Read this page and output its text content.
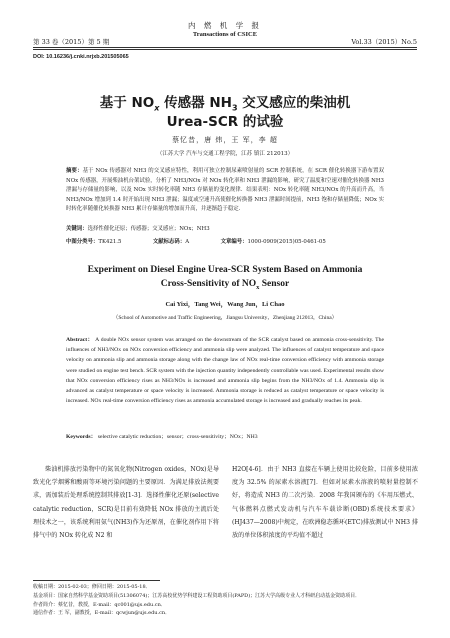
第 33 卷（2015）第 5 期
内 燃 机 学 报
Transactions of CSICE
Vol.33（2015）No.5
DOI: 10.16236/j.cnki.nrjxb.201505065
基于 $NO_x$ 传感器 $NH_3$ 交叉感应的柴油机
Urea-SCR 的试验
蔡忆昔，唐 炜，王 军，李 超
（江苏大学 汽车与交通工程学院，江苏 镇江 212013）
摘要：基于 NOx 传感器对 NH3 的交叉感应特性，利用可独立控制尿素喷射量的 SCR 控制系统，在 SCR 催化转换器下游布置双 NOx 传感器，开展柴油机台架试验，分析了 NH3/NOx 对 NOx 转化率和 NH3 泄漏的影响，研究了温度和空速对催化转换器 NH3 泄漏与存储量的影响，以及 NOx 实时转化率随 NH3 存储量的变化规律．结果表明：NOx 转化率随 NH3/NOx 的升高而升高，当 NH3/NOx 增加到 1.4 时开始出现 NH3 泄漏；温度或空速升高使催化转换器 NH3 泄漏时间提前，NH3 饱和存储量降低；NOx 实时转化率随催化转换器 NH3 累计存储量的增加而升高，并逐渐趋于稳定．
关键词：选择性催化还原；传感器；交叉感应；NOx；NH3
中图分类号：TK421.5	文献标志码：A	文章编号：1000-0909(2015)05-0461-05
Experiment on Diesel Engine Urea-SCR System Based on Ammonia
Cross-Sensitivity of $NO_x$ Sensor
Cai Yixi，Tang Wei，Wang Jun，Li Chao
（School of Automotive and Traffic Engineering，Jiangsu University，Zhenjiang 212013，China）
Abstract： A double NOx sensor system was arranged on the downstream of the SCR catalyst based on ammonia cross-sensitivity. The influences of NH3/NOx on NOx conversion efficiency and ammonia slip were analyzed. The influences of catalyst temperature and space velocity on ammonia slip and ammonia storage along with the change law of NOx real-time conversion efficiency with ammonia storage were studied on engine test bench. SCR system with the injection quantity independently controllable was used. Experimental results show that NOx conversion efficiency rises as NH3/NOx is increased and ammonia slip begins from the NH3/NOx of 1.4. Ammonia slip is advanced as catalyst temperature or space velocity is increased. Ammonia storage is reduced as catalyst temperature or space velocity is increased. NOx real-time conversion efficiency rises as ammonia accumulated storage is increased and gradually reaches its peak.
Keywords： selective catalytic reduction；sensor；cross-sensitivity；NOx；NH3
柴油机排放污染物中的氮氧化物(Nitrogen oxides，NOx)是导致光化学烟雾和酸雨等环境污染问题的主要原因．为满足排放法规要求，需加装后处理系统控制其排放[1-3]．选择性催化还原(selective catalytic reduction，SCR)是目前有效降低 NOx 排放的主流后处理技术之一，该系统利用氨气(NH3)作为还原剂，在催化剂作用下将排气中的 NOx 转化成 N2 和
H2O[4-6]．由于 NH3 直接在车辆上使用比较危险，目前多使用浓度为 32.5% 的尿素水溶液[7]．但如对尿素水溶液的喷射量控制不好，将造成 NH3 的二次污染．2008 年我国颁布的《车用压燃式、气体燃料点燃式发动机与汽车车载诊断(OBD)系统技术要求》(HJ437—2008)中规定，在欧洲稳态循环(ETC)排放测试中 NH3 排放的单位体积浓度的平均值不超过
收稿日期：2015-02-03；修回日期：2015-05-18．
基金项目：国家自然科学基金资助项目(51306074)；江苏高校优势学科建设工程资助项目(PAPD)；江苏大学高级专业人才科研启动基金资助项目．
作者简介：蔡忆昔，教授，E-mail：qc001@ujs.edu.cn．
通信作者：王 军，副教授，E-mail：qcwjun@ujs.edu.cn．
